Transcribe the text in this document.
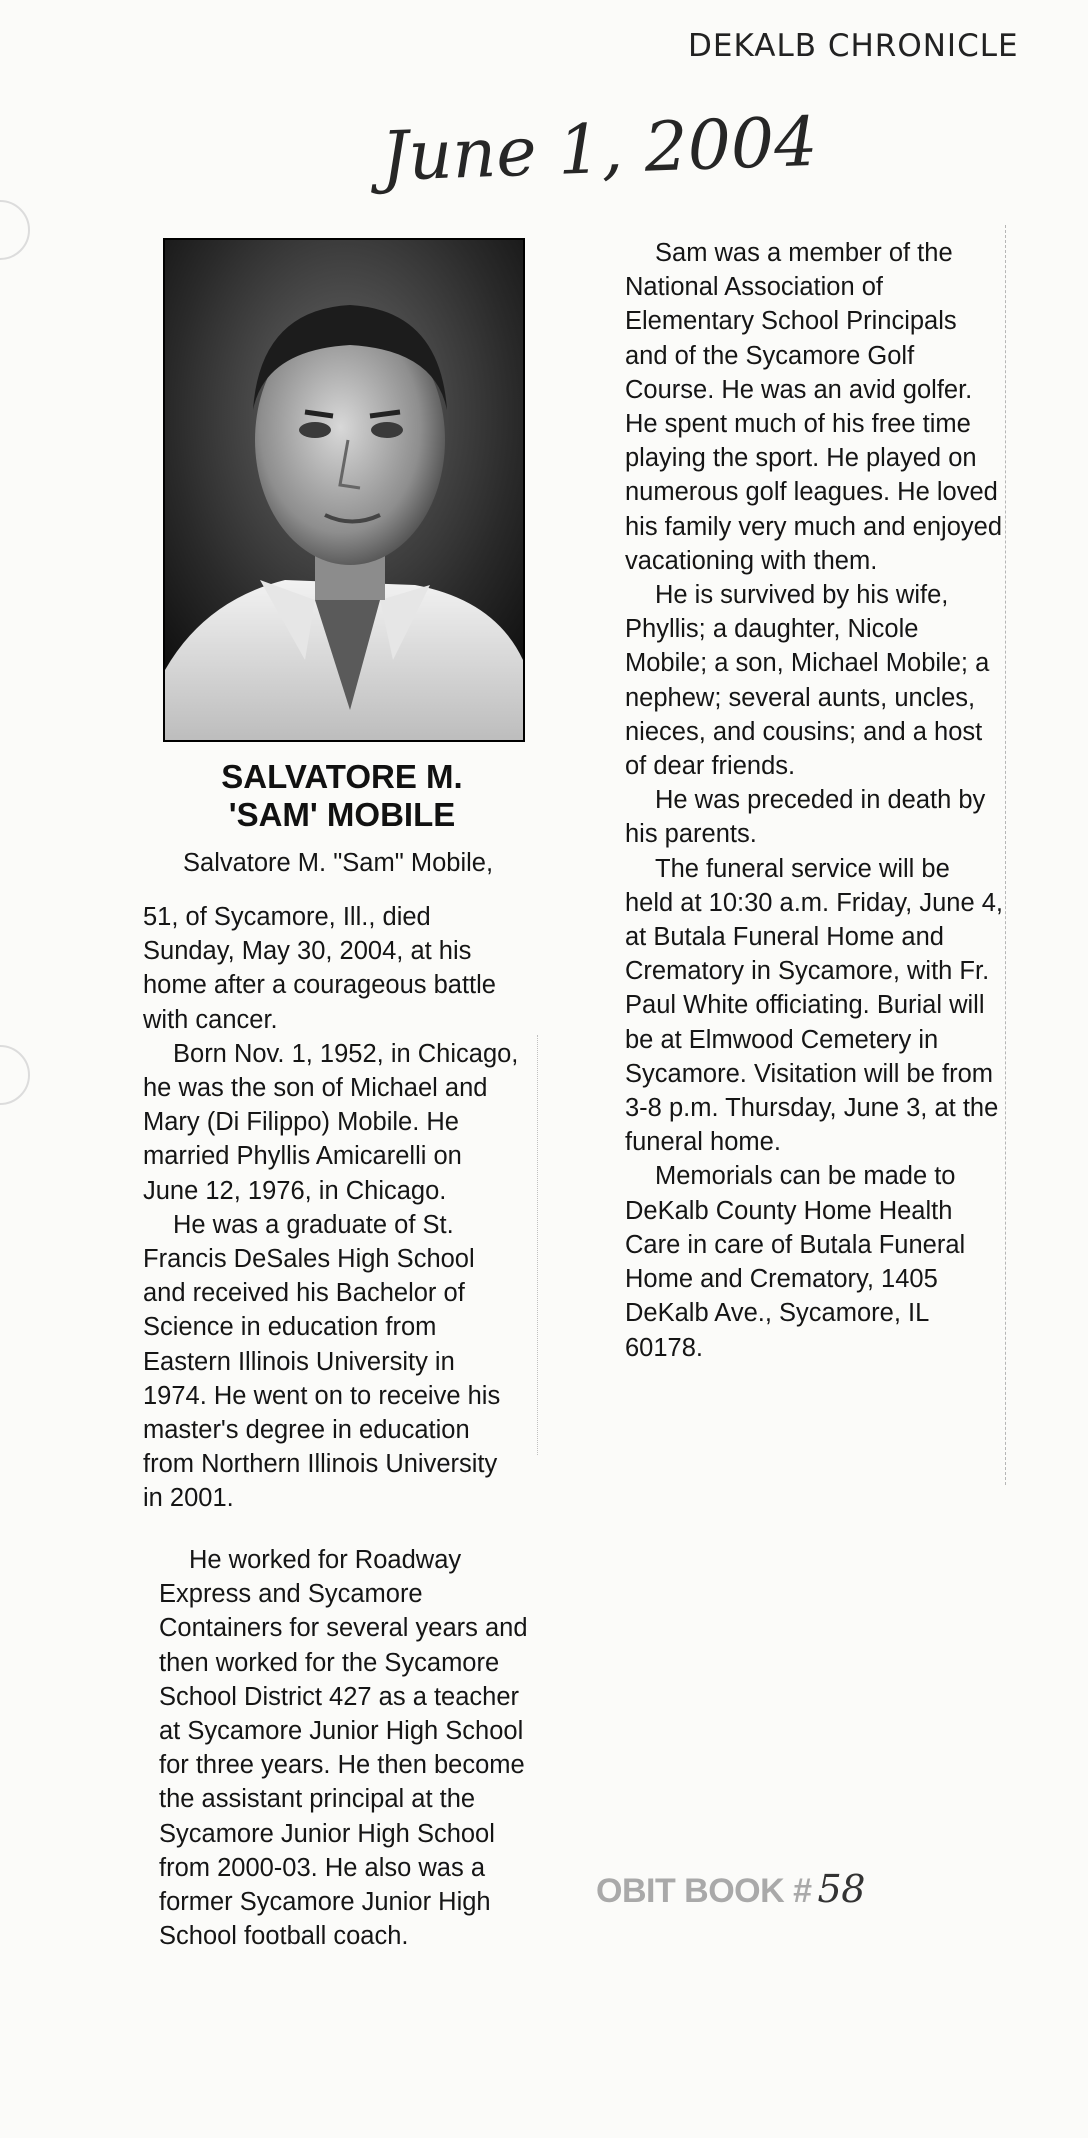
DEKALB CHRONICLE
June 1, 2004
SALVATORE M.
'SAM' MOBILE

Salvatore M. "Sam" Mobile,

51, of Sycamore, Ill., died Sunday, May 30, 2004, at his home after a courageous battle with cancer.

Born Nov. 1, 1952, in Chicago, he was the son of Michael and Mary (Di Filippo) Mobile. He married Phyllis Amicarelli on June 12, 1976, in Chicago.

He was a graduate of St. Francis DeSales High School and received his Bachelor of Science in education from Eastern Illinois University in 1974. He went on to receive his master's degree in education from Northern Illinois University in 2001.

He worked for Roadway Express and Sycamore Containers for several years and then worked for the Sycamore School District 427 as a teacher at Sycamore Junior High School for three years. He then become the assistant principal at the Sycamore Junior High School from 2000-03. He also was a former Sycamore Junior High School football coach.

Sam was a member of the National Association of Elementary School Principals and of the Sycamore Golf Course. He was an avid golfer. He spent much of his free time playing the sport. He played on numerous golf leagues. He loved his family very much and enjoyed vacationing with them.

He is survived by his wife, Phyllis; a daughter, Nicole Mobile; a son, Michael Mobile; a nephew; several aunts, uncles, nieces, and cousins; and a host of dear friends.

He was preceded in death by his parents.

The funeral service will be held at 10:30 a.m. Friday, June 4, at Butala Funeral Home and Crematory in Sycamore, with Fr. Paul White officiating. Burial will be at Elmwood Cemetery in Sycamore. Visitation will be from 3-8 p.m. Thursday, June 3, at the funeral home.

Memorials can be made to DeKalb County Home Health Care in care of Butala Funeral Home and Crematory, 1405 DeKalb Ave., Sycamore, IL 60178.

OBIT BOOK # 58
